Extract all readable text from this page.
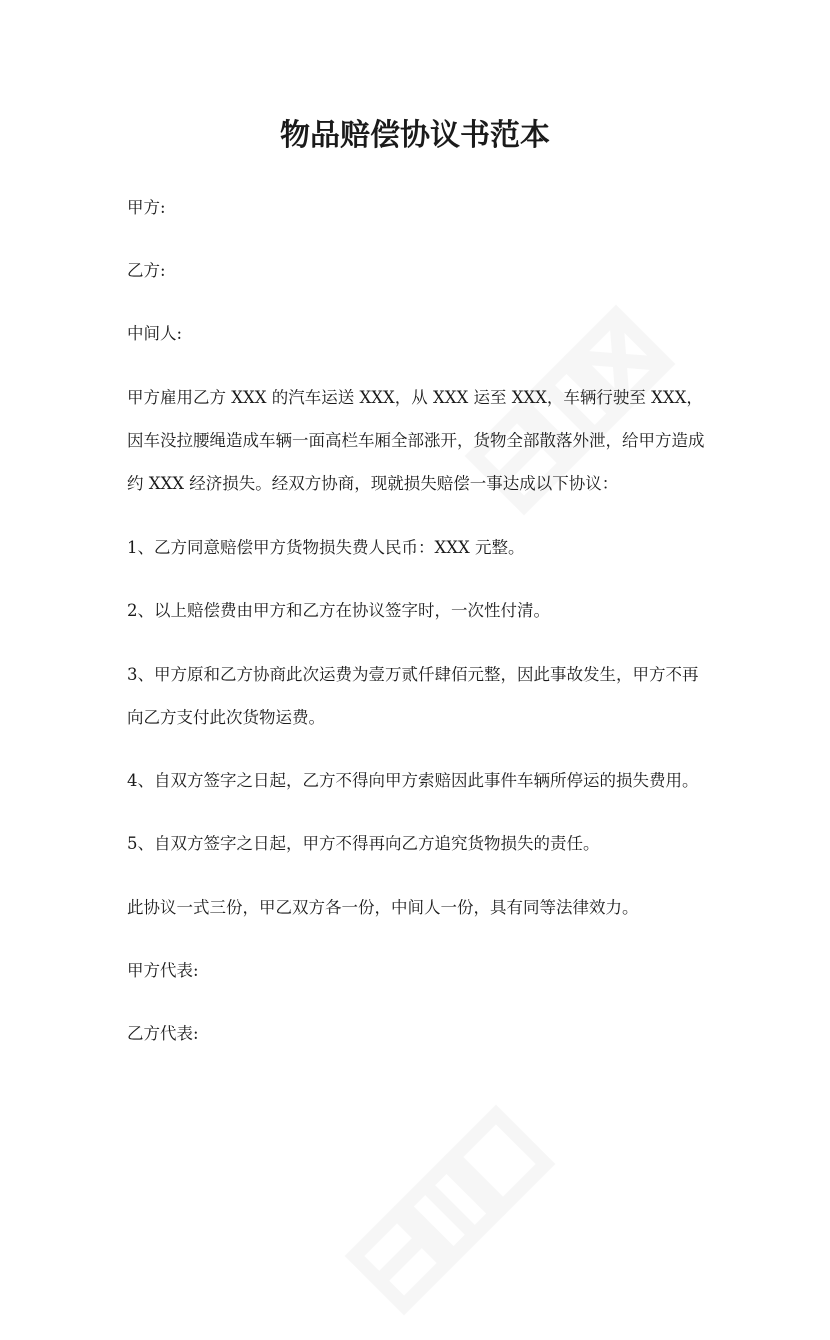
物品赔偿协议书范本

甲方:

乙方:

中间人:

甲方雇用乙方 XXX 的汽车运送 XXX，从 XXX 运至 XXX，车辆行驶至 XXX，

因车没拉腰绳造成车辆一面高栏车厢全部涨开，货物全部散落外泄，给甲方造成

约 XXX 经济损失。经双方协商，现就损失赔偿一事达成以下协议：

1、乙方同意赔偿甲方货物损失费人民币：XXX 元整。

2、以上赔偿费由甲方和乙方在协议签字时，一次性付清。

3、甲方原和乙方协商此次运费为壹万贰仟肆佰元整，因此事故发生，甲方不再

向乙方支付此次货物运费。

4、自双方签字之日起，乙方不得向甲方索赔因此事件车辆所停运的损失费用。

5、自双方签字之日起，甲方不得再向乙方追究货物损失的责任。

此协议一式三份，甲乙双方各一份，中间人一份，具有同等法律效力。

甲方代表:

乙方代表:
